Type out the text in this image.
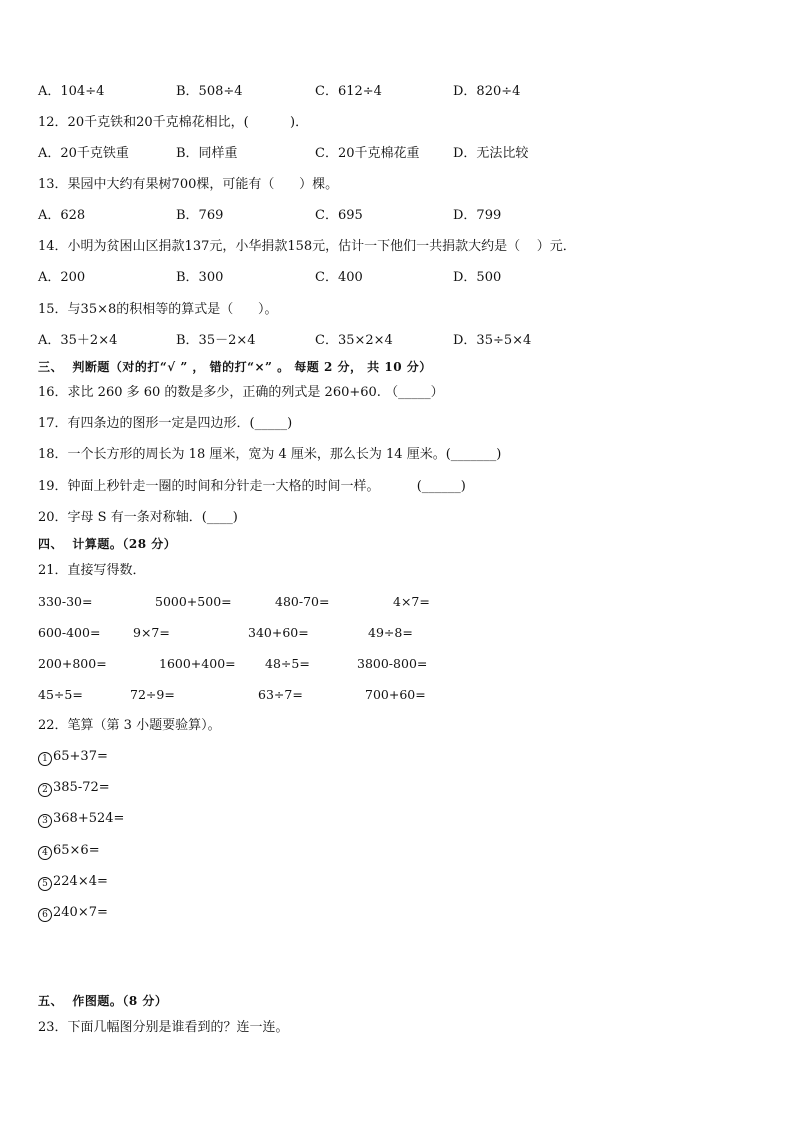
A．104÷4	B．508÷4	C．612÷4	D．820÷4
12．20千克铁和20千克棉花相比，(          )．
A．20千克铁重	B．同样重	C．20千克棉花重	D．无法比较
13．果园中大约有果树700棵，可能有（      ）棵。
A．628	B．769	C．695	D．799
14．小明为贫困山区捐款137元，小华捐款158元，估计一下他们一共捐款大约是（    ）元．
A．200	B．300	C．400	D．500
15．与35×8的积相等的算式是（      ）。
A．35＋2×4	B．35－2×4	C．35×2×4	D．35÷5×4
三、  判断题（对的打“√ ” ， 错的打“×” 。 每题 2 分， 共 10 分）
16．求比 260 多 60 的数是多少，正确的列式是 260+60. （_____）
17．有四条边的图形一定是四边形．(_____)
18．一个长方形的周长为 18 厘米，宽为 4 厘米，那么长为 14 厘米。(_______)
19．钟面上秒针走一圈的时间和分针走一大格的时间一样。         (______)
20．字母 S 有一条对称轴．(____)
四、  计算题。（28 分）
21．直接写得数．
330-30=	5000+500=	480-70=	4×7=
600-400=	9×7=	340+60=	49÷8=
200+800=	1600+400= 48÷5=	3800-800=
45÷5=	72÷9=	63÷7=	700+60=
22．笔算（第 3 小题要验算）。
1 65+37=
2 385-72=
3 368+524=
4 65×6=
5 224×4=
6 240×7=
五、  作图题。（8 分）
23．下面几幅图分别是谁看到的？连一连。
